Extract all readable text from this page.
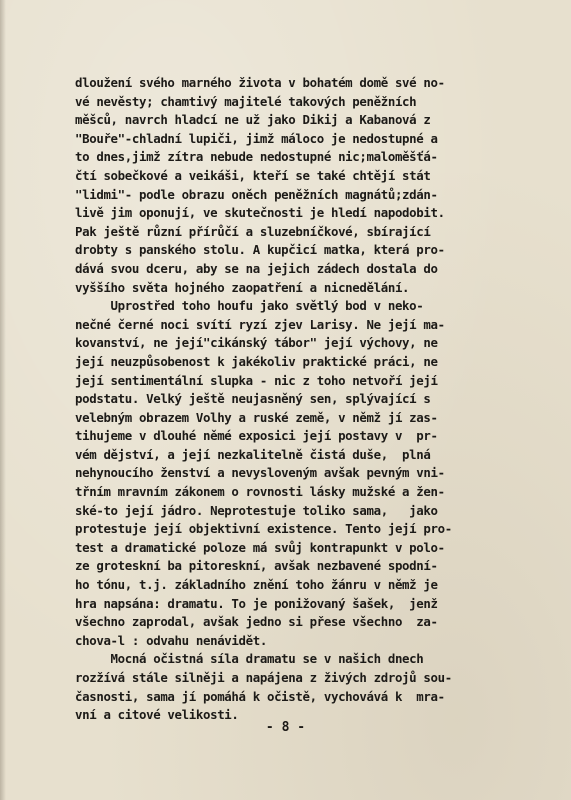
dloužení svého marného života v bohatém domě své no-
vé nevěsty; chamtivý majitelé takových peněžních
měšců, navrch hladcí ne už jako Dikij a Kabanová z
"Bouře"-chladní lupiči, jimž máloco je nedostupné a
to dnes,jimž zítra nebude nedostupné nic;maloměšťá-
čtí sobečkové a veikáši, kteří se také chtějí stát
"lidmi"- podle obrazu oněch peněžních magnátů;zdán-
livě jim oponují, ve skutečnosti je hledí napodobit.
Pak ještě různí přírůčí a sluzebníčkové, sbírající
drobty s panského stolu. A kupčicí matka, která pro-
dává svou dceru, aby se na jejich zádech dostala do
vyššího světa hojného zaopatření a nicnedělání.
Uprostřed toho houfu jako světlý bod v neko-
nečné černé noci svítí ryzí zjev Larisy. Ne její ma-
kovanství, ne její"cikánský tábor" její výchovy, ne
její neuzpůsobenost k jakékoliv praktické práci, ne
její sentimentální slupka - nic z toho netvoří její
podstatu. Velký ještě neujasněný sen, splývající s
velebným obrazem Volhy a ruské země, v němž jí zas-
tihujeme v dlouhé němé exposici její postavy v  pr-
vém dějství, a její nezkalitelně čistá duše,  plná
nehynoucího ženství a nevysloveným avšak pevným vni-
třním mravním zákonem o rovnosti lásky mužské a žen-
ské-to její jádro. Neprotestuje toliko sama,   jako
protestuje její objektivní existence. Tento její pro-
test a dramatické poloze má svůj kontrapunkt v polo-
ze groteskní ba pitoreskní, avšak nezbavené spodní-
ho tónu, t.j. základního znění toho žánru v němž je
hra napsána: dramatu. To je ponižovaný šašek,  jenž
všechno zaprodal, avšak jedno si přese všechno  za-
chova-l : odvahu nenávidět.
Mocná očistná síla dramatu se v našich dnech
rozžívá stále silněji a napájena z živých zdrojů sou-
časnosti, sama jí pomáhá k očistě, vychovává k  mra-
vní a citové velikosti.
- 8 -
